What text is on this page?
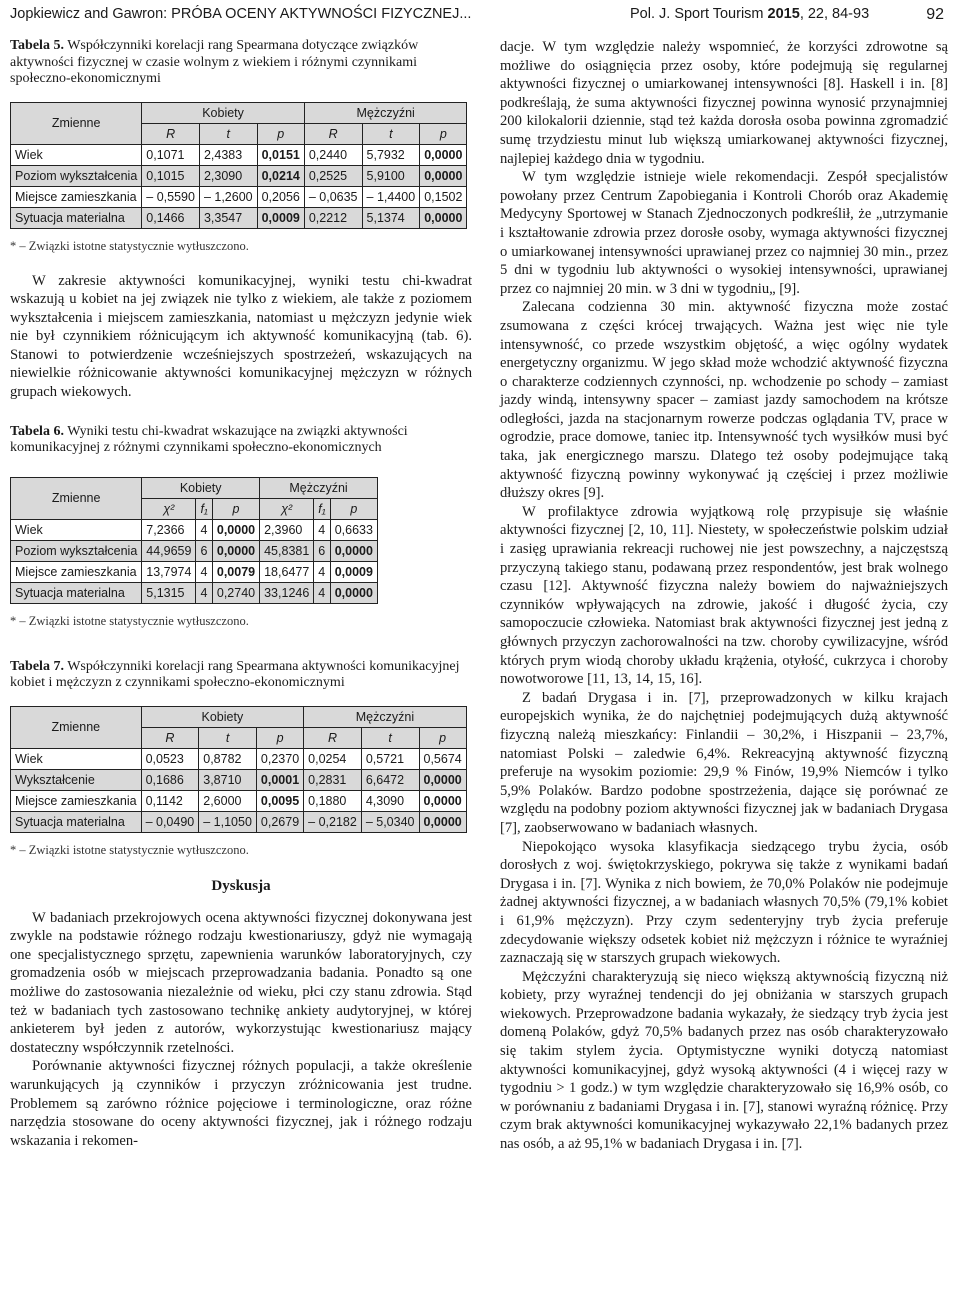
Jopkiewicz and Gawron: PRÓBA OCENY AKTYWNOŚCI FIZYCZNEJ...	Pol. J. Sport Tourism 2015, 22, 84-93	92
Tabela 5. Współczynniki korelacji rang Spearmana dotyczące związków aktywności fizycznej w czasie wolnym z wiekiem i różnymi czynnikami społeczno-ekonomicznymi
Zmienne	Kobiety			Mężczyźni		
	R	t	p	R	t	p
Wiek	0,1071	2,4383	0,0151	0,2440	5,7932	0,0000
Poziom wykształcenia	0,1015	2,3090	0,0214	0,2525	5,9100	0,0000
Miejsce zamieszkania	– 0,5590	– 1,2600	0,2056	– 0,0635	– 1,4400	0,1502
Sytuacja materialna	0,1466	3,3547	0,0009	0,2212	5,1374	0,0000
* – Związki istotne statystycznie wytłuszczono.

W zakresie aktywności komunikacyjnej, wyniki testu chi-kwadrat wskazują u kobiet na jej związek nie tylko z wiekiem, ale także z poziomem wykształcenia i miejscem zamieszkania, natomiast u mężczyzn jedynie wiek nie był czynnikiem różnicującym ich aktywność komunikacyjną (tab. 6). Stanowi to potwierdzenie wcześniejszych spostrzeżeń, wskazujących na niewielkie różnicowanie aktywności komunikacyjnej mężczyzn w różnych grupach wiekowych.

Tabela 6. Wyniki testu chi-kwadrat wskazujące na związki aktywności komunikacyjnej z różnymi czynnikami społeczno-ekonomicznych
Zmienne	Kobiety			Mężczyźni		
	χ²	f₁	p	χ²	f₁	p
Wiek	7,2366	4	0,0000	2,3960	4	0,6633
Poziom wykształcenia	44,9659	6	0,0000	45,8381	6	0,0000
Miejsce zamieszkania	13,7974	4	0,0079	18,6477	4	0,0009
Sytuacja materialna	5,1315	4	0,2740	33,1246	4	0,0000
* – Związki istotne statystycznie wytłuszczono.
Tabela 7. Współczynniki korelacji rang Spearmana aktywności komunikacyjnej kobiet i mężczyzn z czynnikami społeczno-ekonomicznymi
Zmienne	Kobiety			Mężczyźni		
	R	t	p	R	t	p
Wiek	0,0523	0,8782	0,2370	0,0254	0,5721	0,5674
Wykształcenie	0,1686	3,8710	0,0001	0,2831	6,6472	0,0000
Miejsce zamieszkania	0,1142	2,6000	0,0095	0,1880	4,3090	0,0000
Sytuacja materialna	– 0,0490	– 1,1050	0,2679	– 0,2182	– 5,0340	0,0000
* – Związki istotne statystycznie wytłuszczono.
Dyskusja

W badaniach przekrojowych ocena aktywności fizycznej dokonywana jest zwykle na podstawie różnego rodzaju kwestionariuszy, gdyż nie wymagają one specjalistycznego sprzętu, zapewnienia warunków laboratoryjnych, czy gromadzenia osób w miejscach przeprowadzania badania. Ponadto są one możliwe do zastosowania niezależnie od wieku, płci czy stanu zdrowia. Stąd też w badaniach tych zastosowano technikę ankiety audytoryjnej, w której ankieterem był jeden z autorów, wykorzystując kwestionariusz mający dostateczny współczynnik rzetelności.

Porównanie aktywności fizycznej różnych populacji, a także określenie warunkujących ją czynników i przyczyn zróżnicowania jest trudne. Problemem są zarówno różnice pojęciowe i terminologiczne, oraz różne narzędzia stosowane do oceny aktywności fizycznej, jak i różnego rodzaju wskazania i rekomen-

dacje. W tym względzie należy wspomnieć, że korzyści zdrowotne są możliwe do osiągnięcia przez osoby, które podejmują się regularnej aktywności fizycznej o umiarkowanej intensywności [8]. Haskell i in. [8] podkreślają, że suma aktywności fizycznej powinna wynosić przynajmniej 200 kilokalorii dziennie, stąd też każda dorosła osoba powinna zgromadzić sumę trzydziestu minut lub większą umiarkowanej aktywności fizycznej, najlepiej każdego dnia w tygodniu.

W tym względzie istnieje wiele rekomendacji. Zespół specjalistów powołany przez Centrum Zapobiegania i Kontroli Chorób oraz Akademię Medycyny Sportowej w Stanach Zjednoczonych podkreślił, że „utrzymanie i kształtowanie zdrowia przez dorosłe osoby, wymaga aktywności fizycznej o umiarkowanej intensywności uprawianej przez co najmniej 30 min., przez 5 dni w tygodniu lub aktywności o wysokiej intensywności, uprawianej przez co najmniej 20 min. w 3 dni w tygodniu„ [9].

Zalecana codzienna 30 min. aktywność fizyczna może zostać zsumowana z części krócej trwających. Ważna jest więc nie tyle intensywność, co przede wszystkim objętość, a więc ogólny wydatek energetyczny organizmu. W jego skład może wchodzić aktywność fizyczna o charakterze codziennych czynności, np. wchodzenie po schody – zamiast jazdy windą, intensywny spacer – zamiast jazdy samochodem na krótsze odległości, jazda na stacjonarnym rowerze podczas oglądania TV, prace w ogrodzie, prace domowe, taniec itp. Intensywność tych wysiłków musi być taka, jak energicznego marszu. Dlatego też osoby podejmujące taką aktywność fizyczną powinny wykonywać ją częściej i przez możliwie dłuższy okres [9].

W profilaktyce zdrowia wyjątkową rolę przypisuje się właśnie aktywności fizycznej [2, 10, 11]. Niestety, w społeczeństwie polskim udział i zasięg uprawiania rekreacji ruchowej nie jest powszechny, a najczęstszą przyczyną takiego stanu, podawaną przez respondentów, jest brak wolnego czasu [12]. Aktywność fizyczna należy bowiem do najważniejszych czynników wpływających na zdrowie, jakość i długość życia, czy samopoczucie człowieka. Natomiast brak aktywności fizycznej jest jedną z głównych przyczyn zachorowalności na tzw. choroby cywilizacyjne, wśród których prym wiodą choroby układu krążenia, otyłość, cukrzyca i choroby nowotworowe [11, 13, 14, 15, 16].

Z badań Drygasa i in. [7], przeprowadzonych w kilku krajach europejskich wynika, że do najchętniej podejmujących dużą aktywność fizyczną należą mieszkańcy: Finlandii – 30,2%, i Hiszpanii – 23,7%, natomiast Polski – zaledwie 6,4%. Rekreacyjną aktywność fizyczną preferuje na wysokim poziomie: 29,9 % Finów, 19,9% Niemców i tylko 5,9% Polaków. Bardzo podobne spostrzeżenia, dające się porównać ze względu na podobny poziom aktywności fizycznej jak w badaniach Drygasa [7], zaobserwowano w badaniach własnych.

Niepokojąco wysoka klasyfikacja siedzącego trybu życia, osób dorosłych z woj. świętokrzyskiego, pokrywa się także z wynikami badań Drygasa i in. [7]. Wynika z nich bowiem, że 70,0% Polaków nie podejmuje żadnej aktywności fizycznej, a w badaniach własnych 70,5% (79,1% kobiet i 61,9% mężczyzn). Przy czym sedenteryjny tryb życia preferuje zdecydowanie większy odsetek kobiet niż mężczyzn i różnice te wyraźniej zaznaczają się w starszych grupach wiekowych.

Mężczyźni charakteryzują się nieco większą aktywnością fizyczną niż kobiety, przy wyraźnej tendencji do jej obniżania w starszych grupach wiekowych. Przeprowadzone badania wykazały, że siedzący tryb życia jest domeną Polaków, gdyż 70,5% badanych przez nas osób charakteryzowało się takim stylem życia. Optymistyczne wyniki dotyczą natomiast aktywności komunikacyjnej, gdyż wysoką aktywności (4 i więcej razy w tygodniu > 1 godz.) w tym względzie charakteryzowało się 16,9% osób, co w porównaniu z badaniami Drygasa i in. [7], stanowi wyraźną różnicę. Przy czym brak aktywności komunikacyjnej wykazywało 22,1% badanych przez nas osób, a aż 95,1% w badaniach Drygasa i in. [7].
